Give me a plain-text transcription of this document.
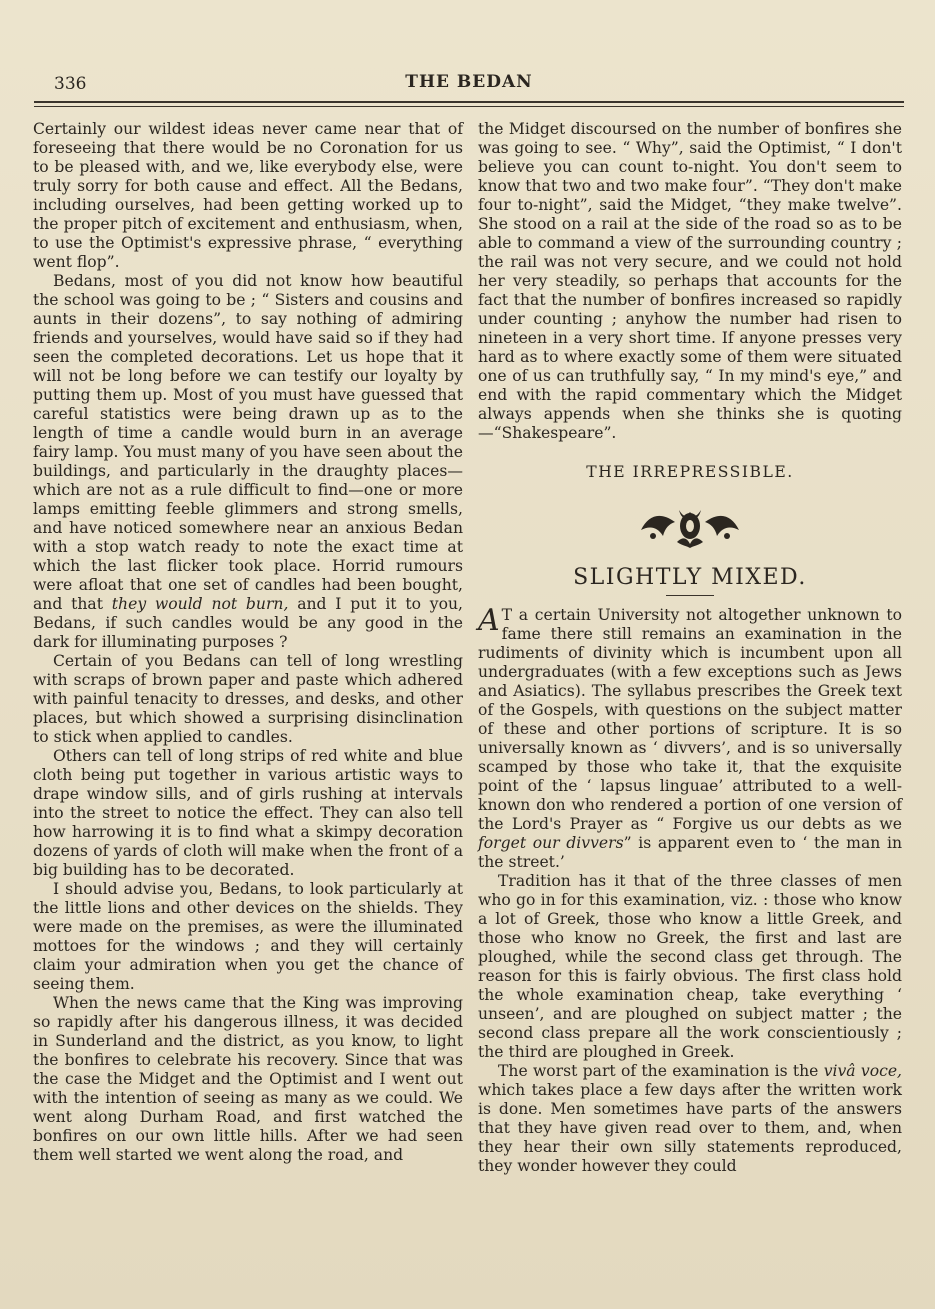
336	THE BEDAN

Certainly our wildest ideas never came near that of foreseeing that there would be no Coronation for us to be pleased with, and we, like everybody else, were truly sorry for both cause and effect. All the Bedans, including ourselves, had been getting worked up to the proper pitch of excitement and enthusiasm, when, to use the Optimist's expressive phrase, “ everything went flop”.

Bedans, most of you did not know how beautiful the school was going to be ; “ Sisters and cousins and aunts in their dozens”, to say nothing of admiring friends and yourselves, would have said so if they had seen the completed decorations. Let us hope that it will not be long before we can testify our loyalty by putting them up. Most of you must have guessed that careful statistics were being drawn up as to the length of time a candle would burn in an average fairy lamp. You must many of you have seen about the buildings, and particularly in the draughty places—which are not as a rule difficult to find—one or more lamps emitting feeble glimmers and strong smells, and have noticed somewhere near an anxious Bedan with a stop watch ready to note the exact time at which the last flicker took place. Horrid rumours were afloat that one set of candles had been bought, and that they would not burn, and I put it to you, Bedans, if such candles would be any good in the dark for illuminating purposes ?

Certain of you Bedans can tell of long wrestling with scraps of brown paper and paste which adhered with painful tenacity to dresses, and desks, and other places, but which showed a surprising disinclination to stick when applied to candles.

Others can tell of long strips of red white and blue cloth being put together in various artistic ways to drape window sills, and of girls rushing at intervals into the street to notice the effect. They can also tell how harrowing it is to find what a skimpy decoration dozens of yards of cloth will make when the front of a big building has to be decorated.

I should advise you, Bedans, to look particularly at the little lions and other devices on the shields. They were made on the premises, as were the illuminated mottoes for the windows ; and they will certainly claim your admiration when you get the chance of seeing them.

When the news came that the King was improving so rapidly after his dangerous illness, it was decided in Sunderland and the district, as you know, to light the bonfires to celebrate his recovery. Since that was the case the Midget and the Optimist and I went out with the intention of seeing as many as we could. We went along Durham Road, and first watched the bonfires on our own little hills. After we had seen them well started we went along the road, and

the Midget discoursed on the number of bonfires she was going to see. “ Why”, said the Optimist, “ I don't believe you can count to-night. You don't seem to know that two and two make four”. “They don't make four to-night”, said the Midget, “they make twelve”. She stood on a rail at the side of the road so as to be able to command a view of the surrounding country ; the rail was not very secure, and we could not hold her very steadily, so perhaps that accounts for the fact that the number of bonfires increased so rapidly under counting ; anyhow the number had risen to nineteen in a very short time. If anyone presses very hard as to where exactly some of them were situated one of us can truthfully say, “ In my mind's eye,” and end with the rapid commentary which the Midget always appends when she thinks she is quoting—“Shakespeare”.

THE IRREPRESSIBLE.
SLIGHTLY MIXED.

A T a certain University not altogether unknown to fame there still remains an examination in the rudiments of divinity which is incumbent upon all undergraduates (with a few exceptions such as Jews and Asiatics). The syllabus prescribes the Greek text of the Gospels, with questions on the subject matter of these and other portions of scripture. It is so universally known as ‘ divvers’, and is so universally scamped by those who take it, that the exquisite point of the ‘ lapsus linguae’ attributed to a well-known don who rendered a portion of one version of the Lord's Prayer as “ Forgive us our debts as we forget our divvers” is apparent even to ‘ the man in the street.’

Tradition has it that of the three classes of men who go in for this examination, viz. : those who know a lot of Greek, those who know a little Greek, and those who know no Greek, the first and last are ploughed, while the second class get through. The reason for this is fairly obvious. The first class hold the whole examination cheap, take everything ‘ unseen’, and are ploughed on subject matter ; the second class prepare all the work conscientiously ; the third are ploughed in Greek.

The worst part of the examination is the vivâ voce, which takes place a few days after the written work is done. Men sometimes have parts of the answers that they have given read over to them, and, when they hear their own silly statements reproduced, they wonder however they could
